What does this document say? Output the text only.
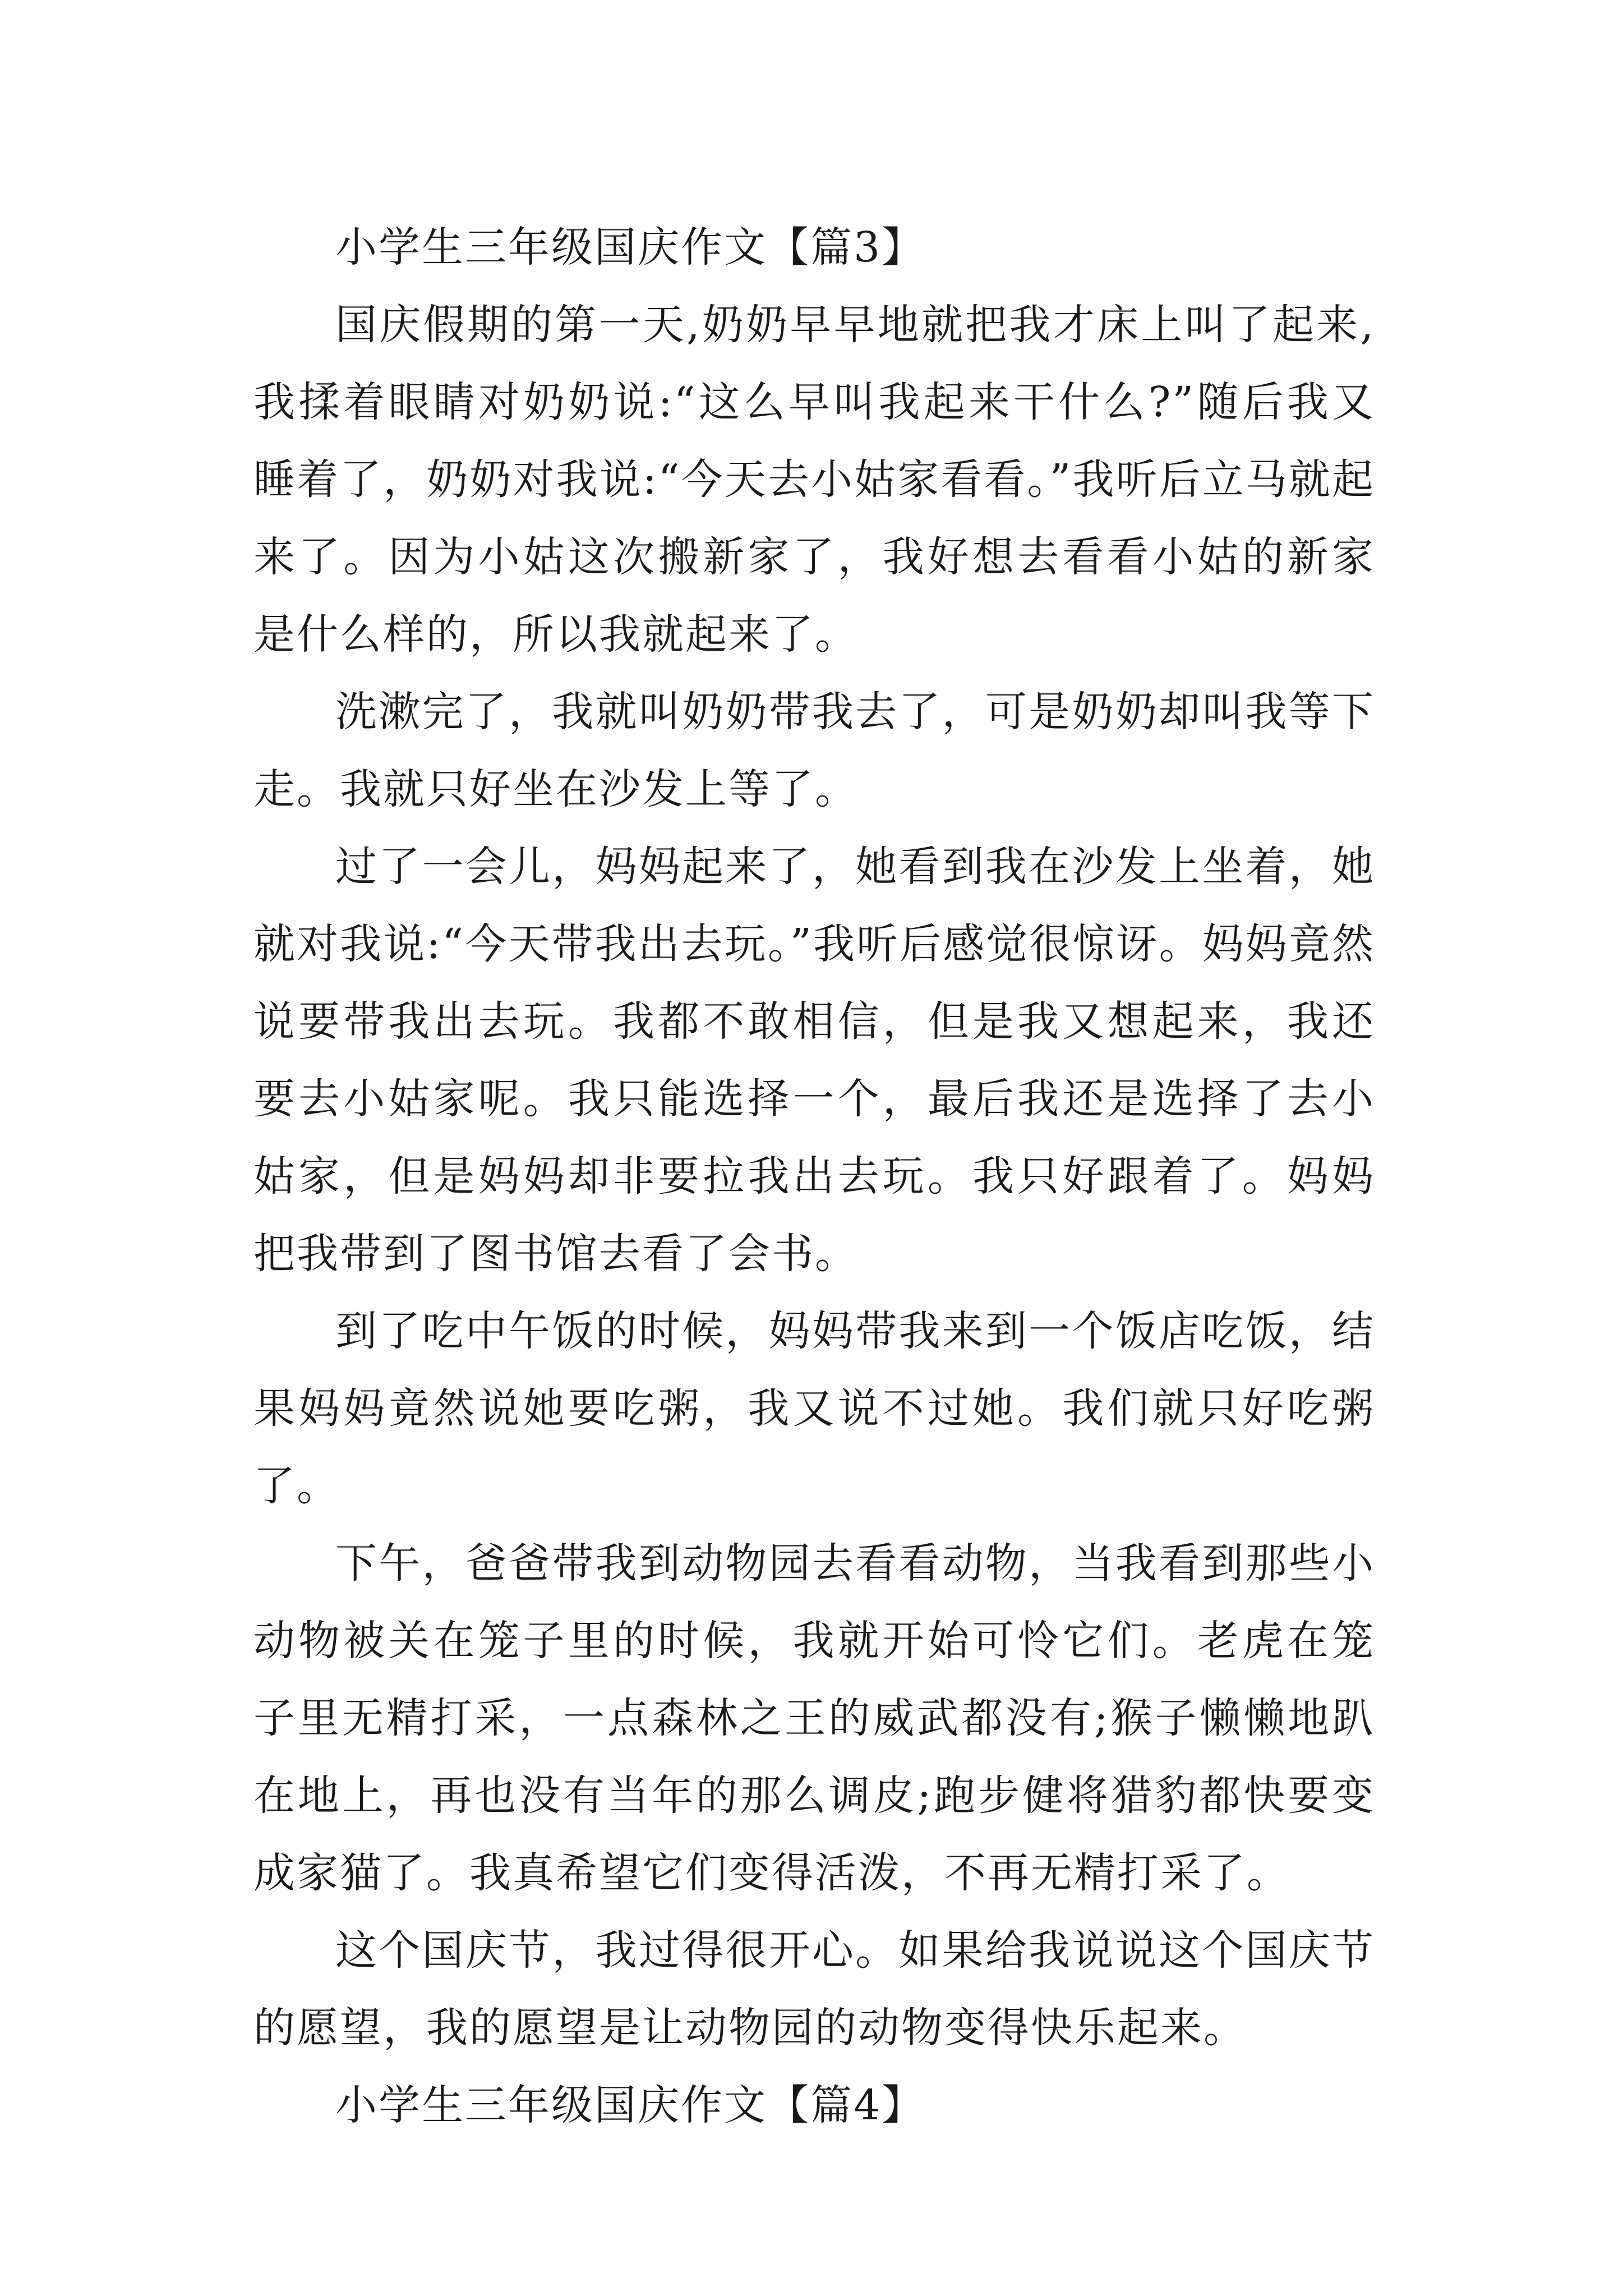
小学生三年级国庆作文【篇3】

国庆假期的第一天,奶奶早早地就把我才床上叫了起来,我揉着眼睛对奶奶说:“这么早叫我起来干什么?”随后我又睡着了，奶奶对我说:“今天去小姑家看看。”我听后立马就起来了。因为小姑这次搬新家了，我好想去看看小姑的新家是什么样的，所以我就起来了。

洗漱完了，我就叫奶奶带我去了，可是奶奶却叫我等下走。我就只好坐在沙发上等了。

过了一会儿，妈妈起来了，她看到我在沙发上坐着，她就对我说:“今天带我出去玩。”我听后感觉很惊讶。妈妈竟然说要带我出去玩。我都不敢相信，但是我又想起来，我还要去小姑家呢。我只能选择一个，最后我还是选择了去小姑家，但是妈妈却非要拉我出去玩。我只好跟着了。妈妈把我带到了图书馆去看了会书。

到了吃中午饭的时候，妈妈带我来到一个饭店吃饭，结果妈妈竟然说她要吃粥，我又说不过她。我们就只好吃粥了。

下午，爸爸带我到动物园去看看动物，当我看到那些小动物被关在笼子里的时候，我就开始可怜它们。老虎在笼子里无精打采，一点森林之王的威武都没有;猴子懒懒地趴在地上，再也没有当年的那么调皮;跑步健将猎豹都快要变成家猫了。我真希望它们变得活泼，不再无精打采了。

这个国庆节，我过得很开心。如果给我说说这个国庆节的愿望，我的愿望是让动物园的动物变得快乐起来。

小学生三年级国庆作文【篇4】
